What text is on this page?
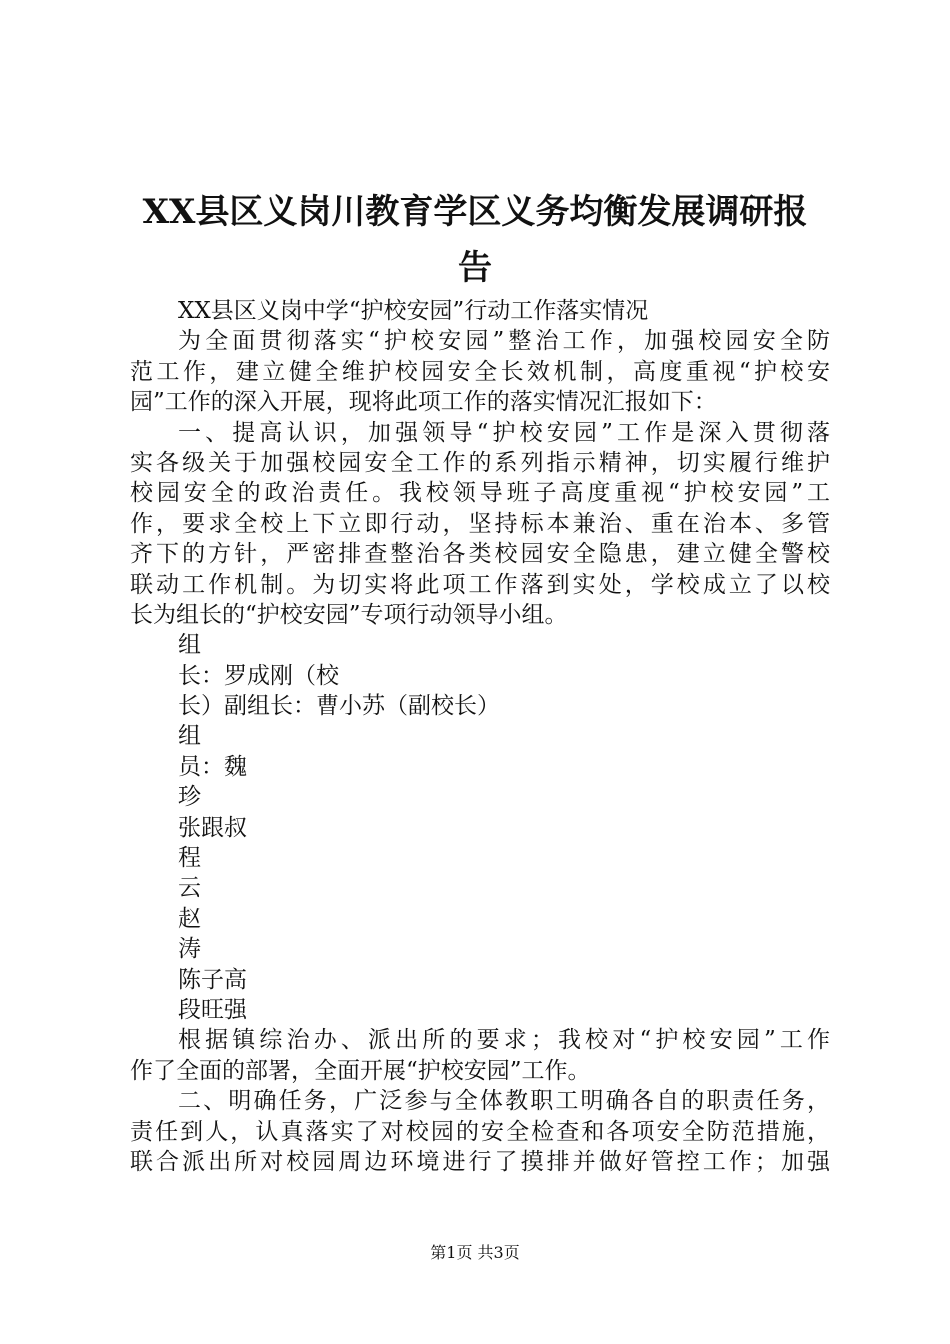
XX县区义岗川教育学区义务均衡发展调研报
告
XX县区义岗中学“护校安园”行动工作落实情况
为全面贯彻落实“护校安园”整治工作，加强校园安全防
范工作，建立健全维护校园安全长效机制，高度重视“护校安
园”工作的深入开展，现将此项工作的落实情况汇报如下：
一、提高认识，加强领导“护校安园”工作是深入贯彻落
实各级关于加强校园安全工作的系列指示精神，切实履行维护
校园安全的政治责任。我校领导班子高度重视“护校安园”工
作，要求全校上下立即行动，坚持标本兼治、重在治本、多管
齐下的方针，严密排查整治各类校园安全隐患，建立健全警校
联动工作机制。为切实将此项工作落到实处，学校成立了以校
长为组长的“护校安园”专项行动领导小组。
组
长：罗成刚（校
长）副组长：曹小苏（副校长）
组
员：魏
珍
张跟叔
程
云
赵
涛
陈子高
段旺强
根据镇综治办、派出所的要求；我校对“护校安园”工作
作了全面的部署，全面开展“护校安园”工作。
二、明确任务，广泛参与全体教职工明确各自的职责任务，
责任到人，认真落实了对校园的安全检查和各项安全防范措施，
联合派出所对校园周边环境进行了摸排并做好管控工作；加强
第1页 共3页
